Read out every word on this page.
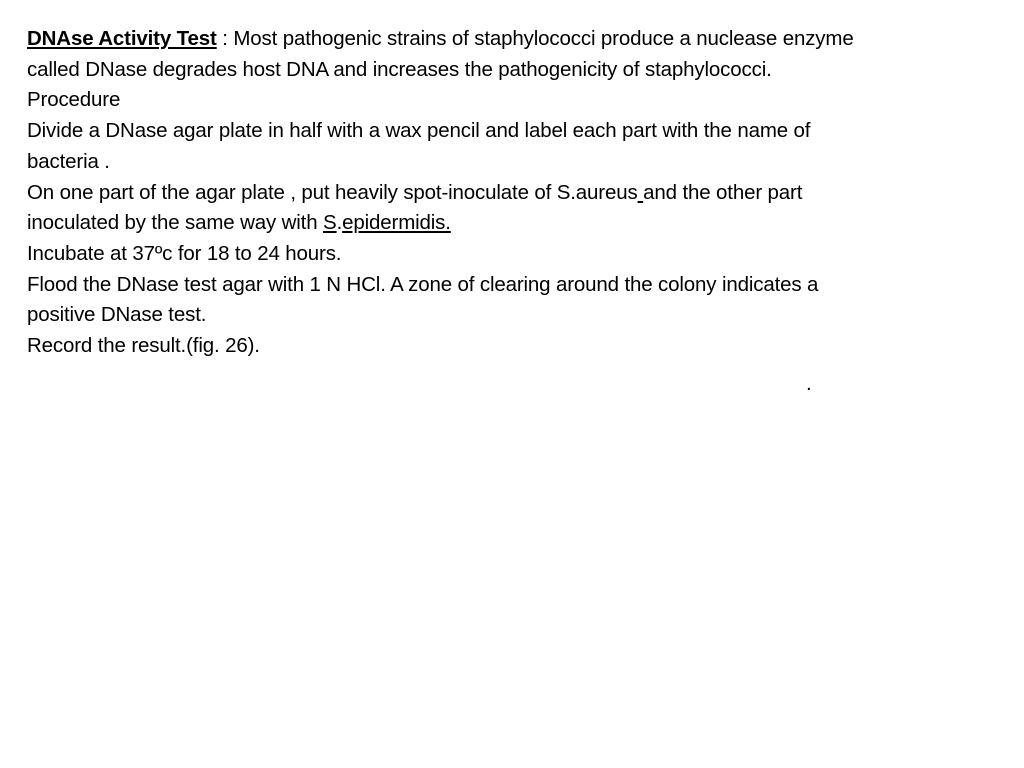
DNAse Activity Test : Most pathogenic strains of staphylococci produce a nuclease enzyme
called DNase degrades host DNA and increases the pathogenicity of staphylococci.
Procedure
Divide a DNase agar plate in half with a wax pencil and label each part with the name of
bacteria .
On one part of the agar plate , put heavily spot-inoculate of S.aureus and the other part
inoculated by the same way with S.epidermidis.
Incubate at 37ºc for 18 to 24 hours.
Flood the DNase test agar with 1 N HCl. A zone of clearing around the colony indicates a
positive DNase test.
Record the result.(fig. 26).
.
